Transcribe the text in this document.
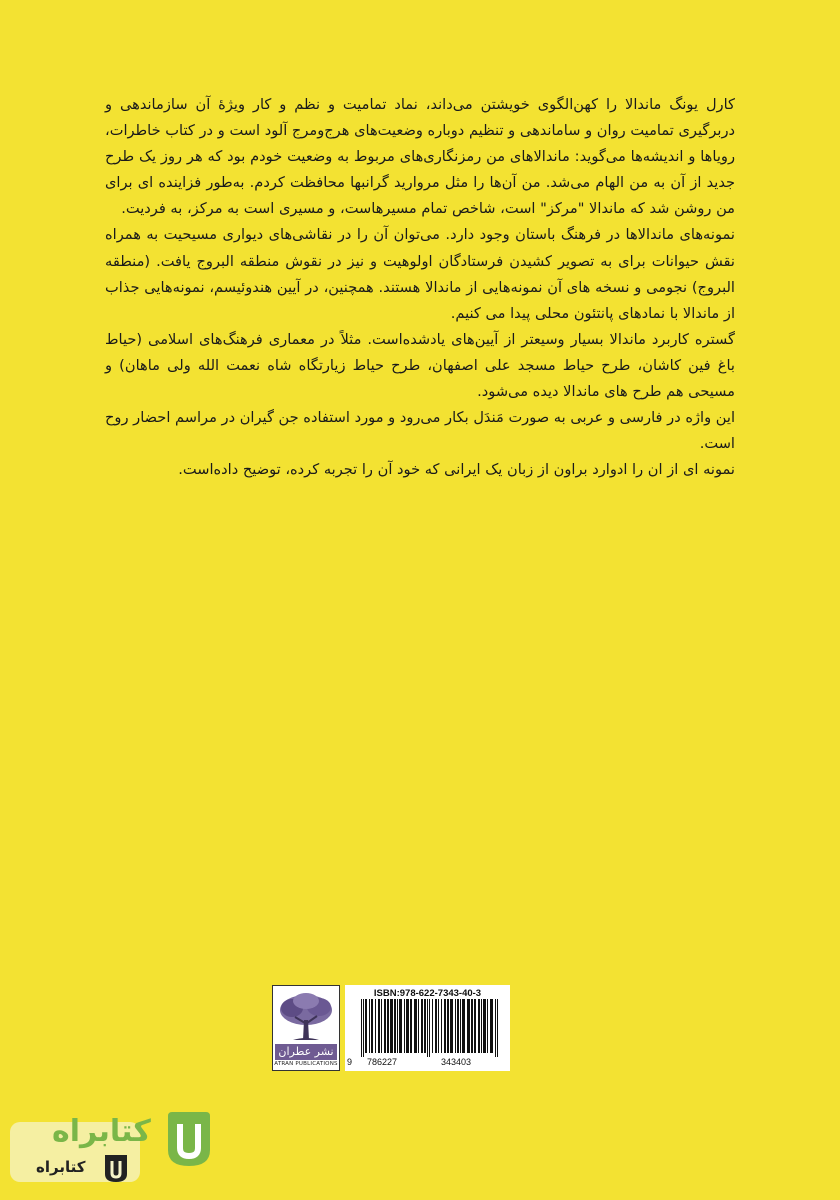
کارل یونگ ماندالا را کهن‌الگوی خویشتن می‌داند، نماد تمامیت و نظم و کار ویژهٔ آن سازماندهی و دربرگیری تمامیت روان و ساماندهی و تنظیم دوباره وضعیت‌های هرج‌ومرج آلود است و در کتاب خاطرات، رویاها و اندیشه‌ها می‌گوید: ماندالاهای من رمزنگاری‌های مربوط به وضعیت خودم بود که هر روز یک طرح جدید از آن به من الهام می‌شد. من آن‌ها را مثل مروارید گرانبها محافظت کردم. به‌طور فزاینده ای برای من روشن شد که ماندالا "مرکز" است، شاخص تمام مسیرهاست، و مسیری است به مرکز، به فردیت.

نمونه‌های ماندالاها در فرهنگ باستان وجود دارد. می‌توان آن را در نقاشی‌های دیواری مسیحیت به همراه نقش حیوانات برای به تصویر کشیدن فرستادگان اولوهیت و نیز در نقوش منطقه البروج یافت. (منطقه البروج) نجومی و نسخه های آن نمونه‌هایی از ماندالا هستند. همچنین، در آیین هندوئیسم، نمونه‌هایی جذاب از ماندالا با نمادهای پانتئون محلی پیدا می کنیم.

گستره کاربرد ماندالا بسیار وسیعتر از آیین‌های یادشده‌است. مثلاً در معماری فرهنگ‌های اسلامی (حیاط باغ فین کاشان، طرح حیاط مسجد علی اصفهان، طرح حیاط زیارتگاه شاه نعمت الله ولی ماهان) و مسیحی هم طرح های ماندالا دیده می‌شود.

این واژه در فارسی و عربی به صورت مَندَل بکار می‌رود و مورد استفاده جن گیران در مراسم احضار روح است.

نمونه ای از ان را ادوارد براون از زبان یک ایرانی که خود آن را تجربه کرده، توضیح داده‌است.

نشر عطران
ATRAN PUBLICATIONS
ISBN:978-622-7343-40-3
9 786227	343403
کتابراه
کتابراه
